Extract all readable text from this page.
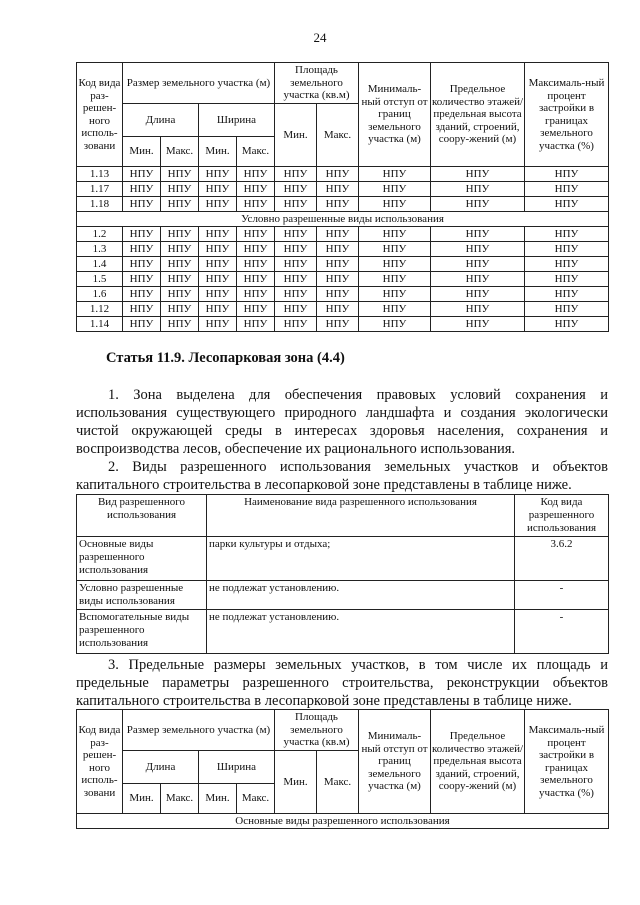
24
Код вида раз-решен-ного исполь-зовани	Размер земельного участка (м)				Площадь земельного участка (кв.м)		Минималь-ный отступ от границ земельного участка (м)	Предельное количество этажей/ предельная высота зданий, строений, соору-жений (м)	Максималь-ный процент застройки в границах земельного участка (%)
	Длина		Ширина		Мин.	Макс.			
	Мин.	Макс.	Мин.	Макс.					
1.13	НПУ	НПУ	НПУ	НПУ	НПУ	НПУ	НПУ	НПУ	НПУ
1.17	НПУ	НПУ	НПУ	НПУ	НПУ	НПУ	НПУ	НПУ	НПУ
1.18	НПУ	НПУ	НПУ	НПУ	НПУ	НПУ	НПУ	НПУ	НПУ
Условно разрешенные виды использования									
1.2	НПУ	НПУ	НПУ	НПУ	НПУ	НПУ	НПУ	НПУ	НПУ
1.3	НПУ	НПУ	НПУ	НПУ	НПУ	НПУ	НПУ	НПУ	НПУ
1.4	НПУ	НПУ	НПУ	НПУ	НПУ	НПУ	НПУ	НПУ	НПУ
1.5	НПУ	НПУ	НПУ	НПУ	НПУ	НПУ	НПУ	НПУ	НПУ
1.6	НПУ	НПУ	НПУ	НПУ	НПУ	НПУ	НПУ	НПУ	НПУ
1.12	НПУ	НПУ	НПУ	НПУ	НПУ	НПУ	НПУ	НПУ	НПУ
1.14	НПУ	НПУ	НПУ	НПУ	НПУ	НПУ	НПУ	НПУ	НПУ

Статья 11.9. Лесопарковая зона (4.4)

1. Зона выделена для обеспечения правовых условий сохранения и использования существующего природного ландшафта и создания экологически чистой окружающей среды в интересах здоровья населения, сохранения и воспроизводства лесов, обеспечение их рационального использования.

2. Виды разрешенного использования земельных участков и объектов капитального строительства в лесопарковой зоне представлены в таблице ниже.

Вид разрешенного использования	Наименование вида разрешенного использования	Код вида разрешенного использования
Основные виды разрешенного использования	парки культуры и отдыха;	3.6.2
Условно разрешенные виды использования	не подлежат установлению.	-
Вспомогательные виды разрешенного использования	не подлежат установлению.	-

3. Предельные размеры земельных участков, в том числе их площадь и предельные параметры разрешенного строительства, реконструкции объектов капитального строительства в лесопарковой зоне представлены в таблице ниже.

Код вида раз-решен-ного исполь-зовани	Размер земельного участка (м)				Площадь земельного участка (кв.м)		Минималь-ный отступ от границ земельного участка (м)	Предельное количество этажей/ предельная высота зданий, строений, соору-жений (м)	Максималь-ный процент застройки в границах земельного участка (%)
	Длина		Ширина		Мин.	Макс.			
	Мин.	Макс.	Мин.	Макс.					
Основные виды разрешенного использования									
